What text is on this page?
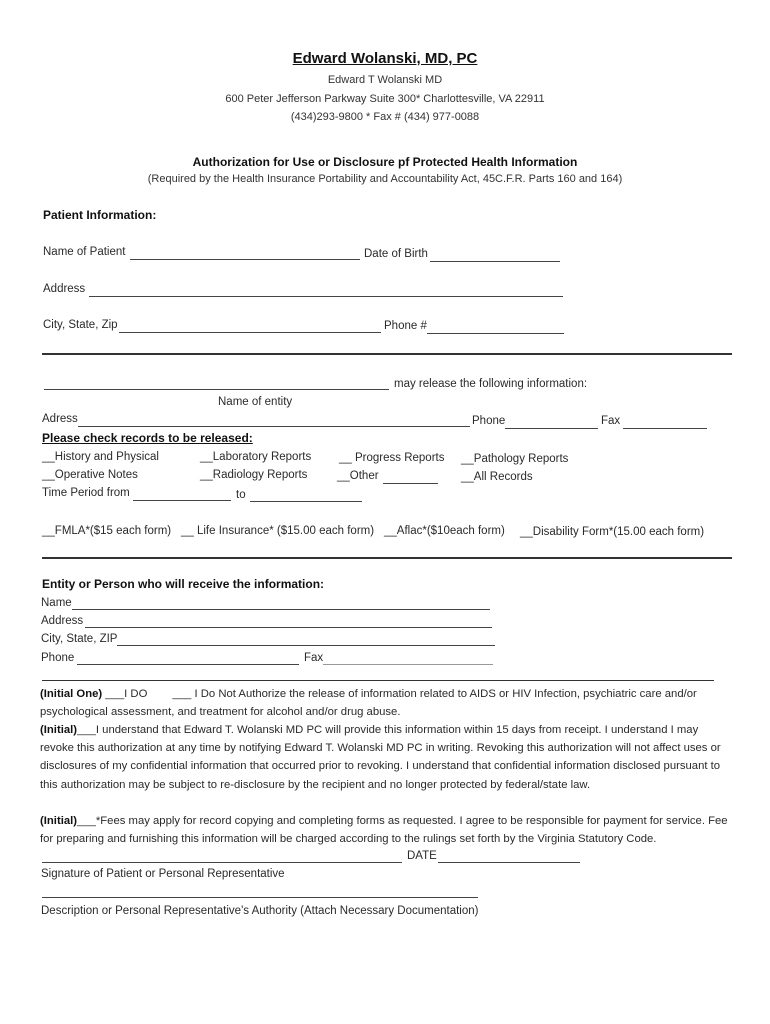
Edward Wolanski, MD, PC
Edward T Wolanski MD
600 Peter Jefferson Parkway Suite 300* Charlottesville, VA 22911
(434)293-9800 * Fax # (434) 977-0088
Authorization for Use or Disclosure pf Protected Health Information
(Required by the Health Insurance Portability and Accountability Act, 45C.F.R. Parts 160 and 164)
Patient Information:
Name of Patient	Date of Birth
Address
City, State, Zip	Phone #
may release the following information:
Name of entity
Adress	Phone	Fax
Please check records to be released:
__History and Physical	__Laboratory Reports __ Progress Reports __Pathology Reports
__Operative Notes	__Radiology Reports	__Other	__All Records
Time Period from	to
__FMLA*($15 each form) __ Life Insurance* ($15.00 each form) __Aflac*($10each form) __Disability Form*(15.00 each form)
Entity or Person who will receive the information:
Name
Address
City, State, ZIP
Phone	Fax
(Initial One) ___I DO ___ I Do Not Authorize the release of information related to AIDS or HIV Infection, psychiatric care and/or psychological assessment, and treatment for alcohol and/or drug abuse.
(Initial)___I understand that Edward T. Wolanski MD PC will provide this information within 15 days from receipt. I understand I may revoke this authorization at any time by notifying Edward T. Wolanski MD PC in writing. Revoking this authorization will not affect uses or disclosures of my confidential information that occurred prior to revoking. I understand that confidential information disclosed pursuant to this authorization may be subject to re-disclosure by the recipient and no longer protected by federal/state law.
(Initial)___*Fees may apply for record copying and completing forms as requested. I agree to be responsible for payment for service. Fee for preparing and furnishing this information will be charged according to the rulings set forth by the Virginia Statutory Code.
DATE
Signature of Patient or Personal Representative
Description or Personal Representative's Authority (Attach Necessary Documentation)
